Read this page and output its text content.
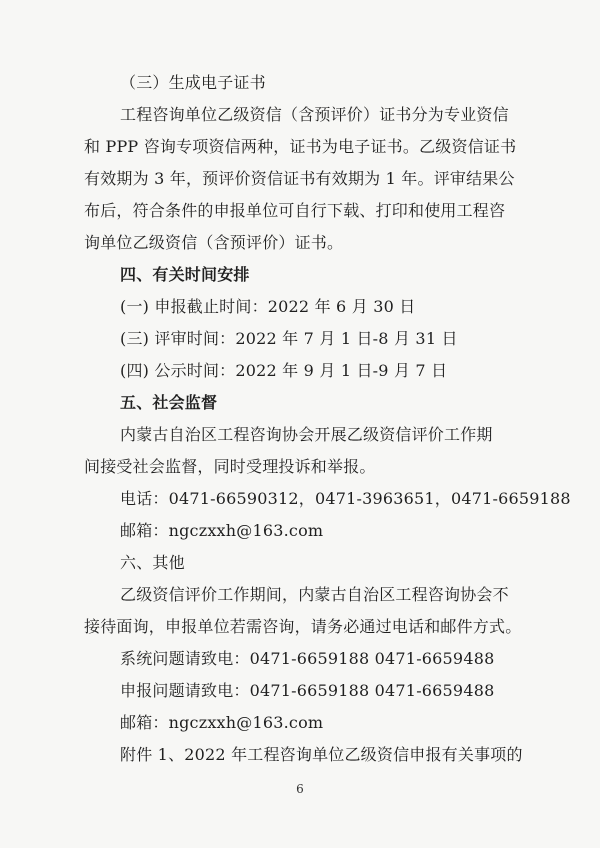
（三）生成电子证书
工程咨询单位乙级资信（含预评价）证书分为专业资信
和 PPP 咨询专项资信两种，证书为电子证书。乙级资信证书
有效期为 3 年，预评价资信证书有效期为 1 年。评审结果公
布后，符合条件的申报单位可自行下载、打印和使用工程咨
询单位乙级资信（含预评价）证书。
四、有关时间安排
(一) 申报截止时间：2022 年 6 月 30 日
(三) 评审时间：2022 年 7 月 1 日-8 月 31 日
(四) 公示时间：2022 年 9 月 1 日-9 月 7 日
五、社会监督
内蒙古自治区工程咨询协会开展乙级资信评价工作期
间接受社会监督，同时受理投诉和举报。
电话：0471-66590312，0471-3963651，0471-6659188
邮箱：ngczxxh@163.com
六、其他
乙级资信评价工作期间，内蒙古自治区工程咨询协会不
接待面询，申报单位若需咨询，请务必通过电话和邮件方式。
系统问题请致电：0471-6659188 0471-6659488
申报问题请致电：0471-6659188 0471-6659488
邮箱：ngczxxh@163.com
附件 1、2022 年工程咨询单位乙级资信申报有关事项的
6
